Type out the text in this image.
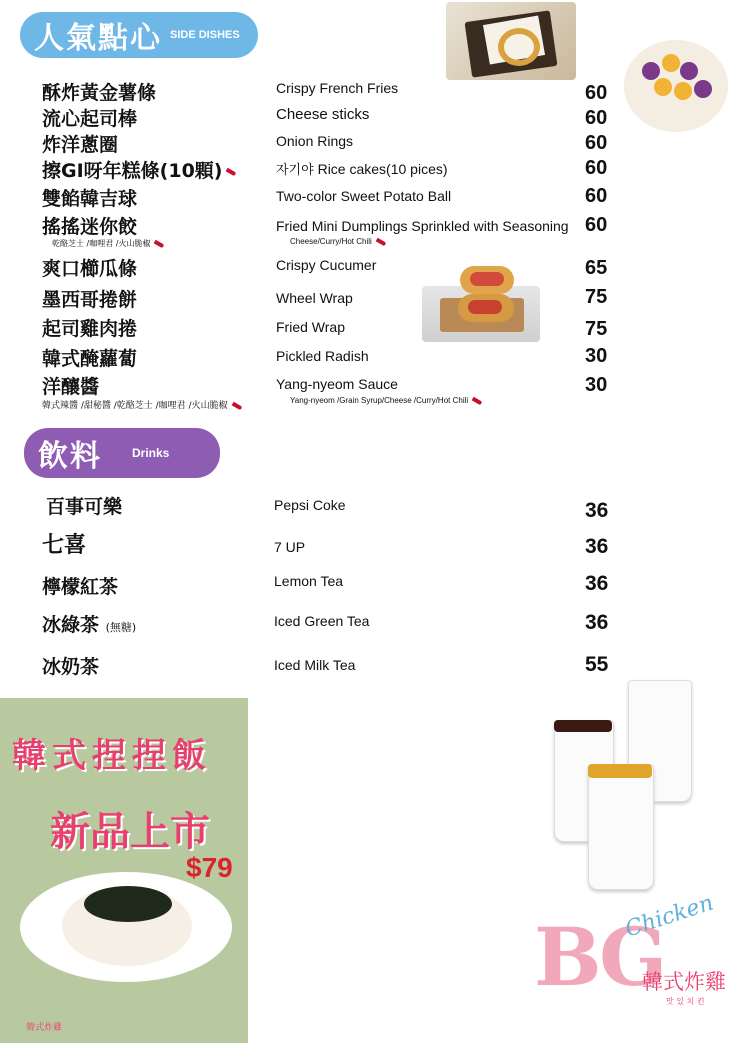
人氣點心 SIDE DISHES
酥炸黃金薯條	Crispy French Fries	60
流心起司棒	Cheese sticks	60
炸洋蔥圈	Onion Rings	60
擦GI呀年糕條(10顆)	자기야 Rice cakes(10 pices)	60
雙餡韓吉球	Two-color Sweet Potato Ball	60
搖搖迷你餃	Fried Mini Dumplings Sprinkled with Seasoning 60
乾酪芝士 /咖哩君 /火山脆椒	Cheese/Curry/Hot Chili
爽口櫛瓜條	Crispy Cucumer	65
墨西哥捲餅	Wheel Wrap	75
起司雞肉捲	Fried Wrap	75
韓式醃蘿蔔	Pickled Radish	30
洋釀醬	Yang-nyeom Sauce	30
韓式辣醬 /甜秘醬 /乾酪芝士 /咖哩君 /火山脆椒
Yang-nyeom /Grain Syrup/Cheese /Curry/Hot Chili
飲料	Drinks
百事可樂	Pepsi Coke	36
七喜	7 UP	36
檸檬紅茶	Lemon Tea	36
冰綠茶 (無糖)	Iced Green Tea	36
冰奶茶	Iced Milk Tea	55
韓式捏捏飯
新品上市
$79
韓式炸雞
BG
Chicken
韓式炸雞
맛 있 치 킨
